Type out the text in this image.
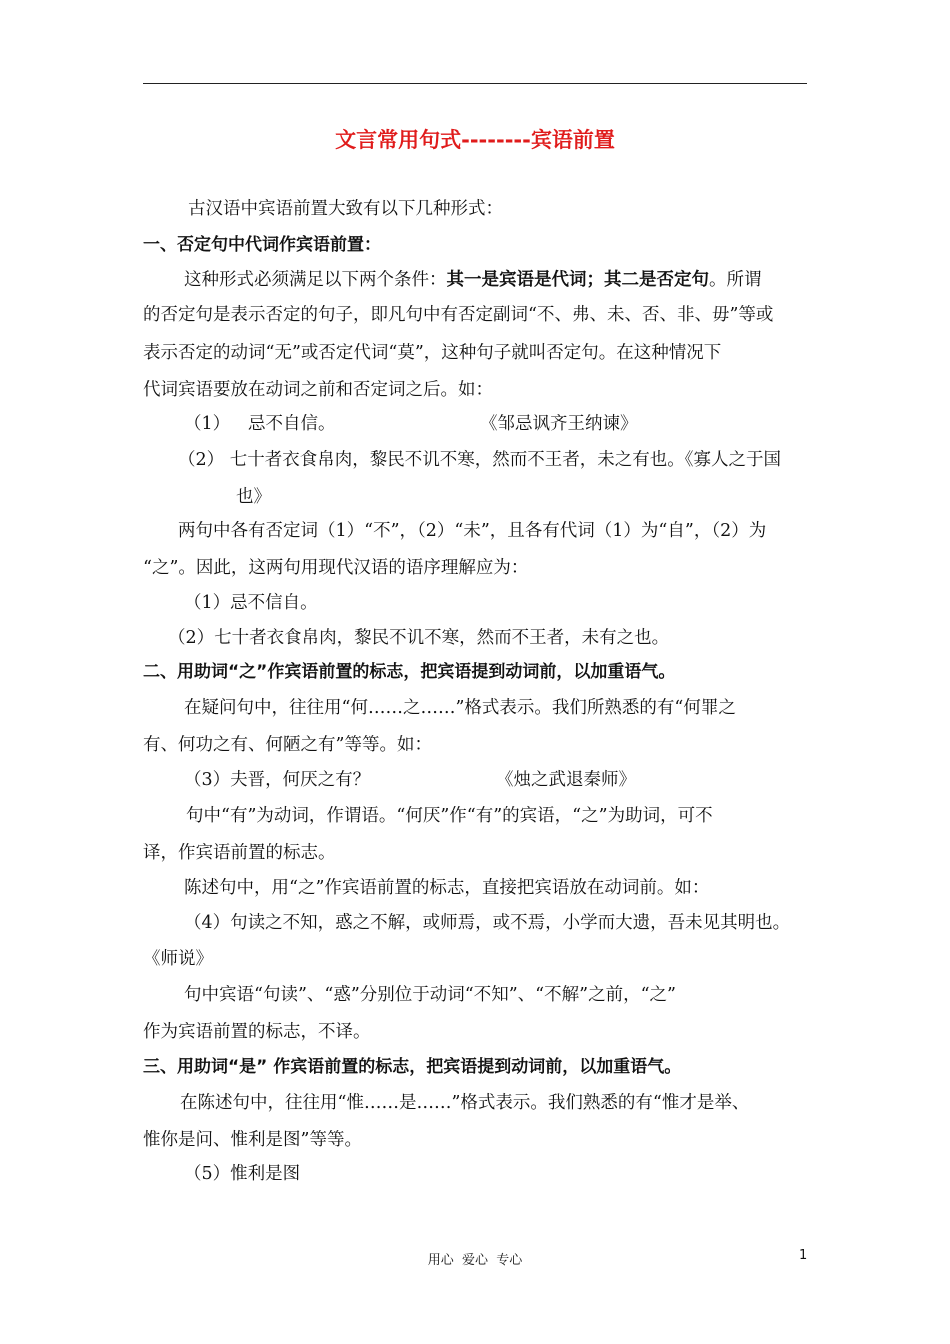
文言常用句式--------宾语前置
古汉语中宾语前置大致有以下几种形式：
一、否定句中代词作宾语前置：
这种形式必须满足以下两个条件：其一是宾语是代词；其二是否定句。所谓
的否定句是表示否定的句子，即凡句中有否定副词“不、弗、未、否、非、毋”等或
表示否定的动词“无”或否定代词“莫”，这种句子就叫否定句。在这种情况下
代词宾语要放在动词之前和否定词之后。如：
（1） 忌不自信。	《邹忌讽齐王纳谏》
（2） 七十者衣食帛肉，黎民不讥不寒，然而不王者，未之有也。《寡人之于国
也》
两句中各有否定词（1）“不”，（2）“未”，且各有代词（1）为“自”，（2）为
“之”。因此，这两句用现代汉语的语序理解应为：
（1）忌不信自。
（2）七十者衣食帛肉，黎民不讥不寒，然而不王者，未有之也。
二、用助词“之”作宾语前置的标志，把宾语提到动词前，以加重语气。
在疑问句中，往往用“何……之……”格式表示。我们所熟悉的有“何罪之
有、何功之有、何陋之有”等等。如：
（3）夫晋，何厌之有？	《烛之武退秦师》
句中“有”为动词，作谓语。“何厌”作“有”的宾语，“之”为助词，可不
译，作宾语前置的标志。
陈述句中，用“之”作宾语前置的标志，直接把宾语放在动词前。如：
（4）句读之不知，惑之不解，或师焉，或不焉，小学而大遗，吾未见其明也。
《师说》
句中宾语“句读”、“惑”分别位于动词“不知”、“不解”之前，“之”
作为宾语前置的标志，不译。
三、用助词“是” 作宾语前置的标志，把宾语提到动词前，以加重语气。
在陈述句中，往往用“惟……是……”格式表示。我们熟悉的有“惟才是举、
惟你是问、惟利是图”等等。
（5）惟利是图
用心  爱心  专心	1
